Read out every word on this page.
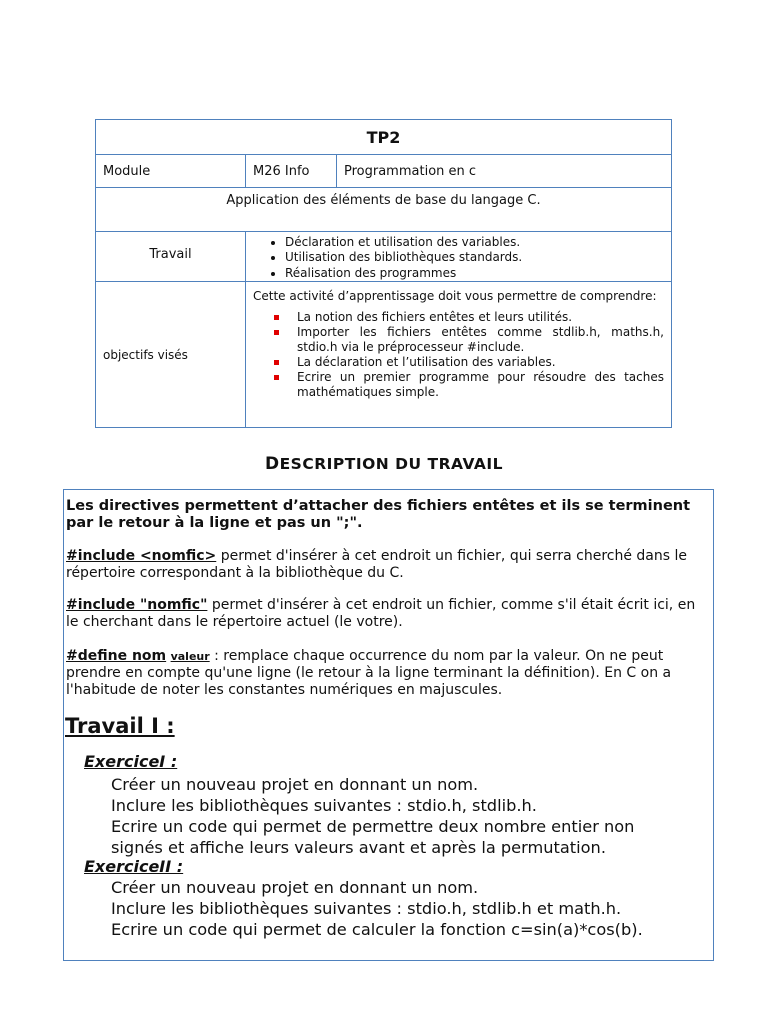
TP2
Module	M26 Info	Programmation en c
Application des éléments de base du langage C.
Travail
• Déclaration et utilisation des variables.
• Utilisation des bibliothèques standards.
• Réalisation des programmes
objectifs visés
Cette activité d’apprentissage doit vous permettre de comprendre:
La notion des fichiers entêtes et leurs utilités.
Importer les fichiers entêtes comme stdlib.h, maths.h, stdio.h via le préprocesseur #include.
La déclaration et l’utilisation des variables.
Ecrire un premier programme pour résoudre des taches mathématiques simple.
DESCRIPTION DU TRAVAIL
Les directives permettent d’attacher des fichiers entêtes et ils se terminent par le retour à la ligne et pas un ";".
#include <nomfic> permet d'insérer à cet endroit un fichier, qui serra cherché dans le répertoire correspondant à la bibliothèque du C.
#include "nomfic" permet d'insérer à cet endroit un fichier, comme s'il était écrit ici, en le cherchant dans le répertoire actuel (le votre).
#define nom valeur : remplace chaque occurrence du nom par la valeur. On ne peut prendre en compte qu'une ligne (le retour à la ligne terminant la définition). En C on a l'habitude de noter les constantes numériques en majuscules.
Travail I :
ExerciceI :
Créer un nouveau projet en donnant un nom.
Inclure les bibliothèques suivantes : stdio.h, stdlib.h.
Ecrire un code qui permet de permettre deux nombre entier non
signés et affiche leurs valeurs avant et après la permutation.
ExerciceII :
Créer un nouveau projet en donnant un nom.
Inclure les bibliothèques suivantes : stdio.h, stdlib.h et math.h.
Ecrire un code qui permet de calculer la fonction c=sin(a)*cos(b).
